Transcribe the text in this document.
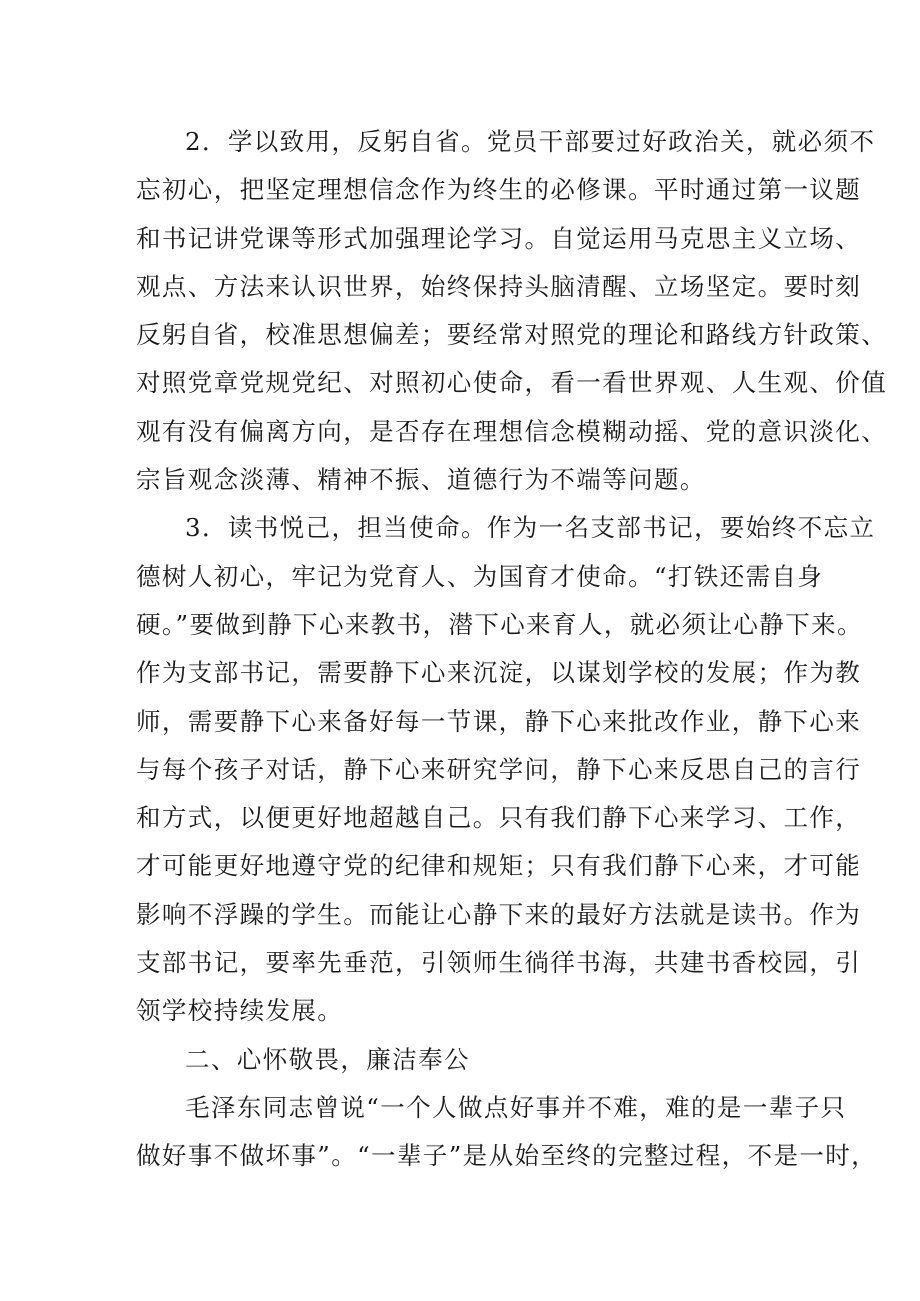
2．学以致用，反躬自省。党员干部要过好政治关，就必须不
忘初心，把坚定理想信念作为终生的必修课。平时通过第一议题
和书记讲党课等形式加强理论学习。自觉运用马克思主义立场、
观点、方法来认识世界，始终保持头脑清醒、立场坚定。要时刻
反躬自省，校准思想偏差；要经常对照党的理论和路线方针政策、
对照党章党规党纪、对照初心使命，看一看世界观、人生观、价值
观有没有偏离方向，是否存在理想信念模糊动摇、党的意识淡化、
宗旨观念淡薄、精神不振、道德行为不端等问题。
3．读书悦己，担当使命。作为一名支部书记，要始终不忘立
德树人初心，牢记为党育人、为国育才使命。“打铁还需自身
硬。”要做到静下心来教书，潜下心来育人，就必须让心静下来。
作为支部书记，需要静下心来沉淀，以谋划学校的发展；作为教
师，需要静下心来备好每一节课，静下心来批改作业，静下心来
与每个孩子对话，静下心来研究学问，静下心来反思自己的言行
和方式，以便更好地超越自己。只有我们静下心来学习、工作，
才可能更好地遵守党的纪律和规矩；只有我们静下心来，才可能
影响不浮躁的学生。而能让心静下来的最好方法就是读书。作为
支部书记，要率先垂范，引领师生徜徉书海，共建书香校园，引
领学校持续发展。
二、心怀敬畏，廉洁奉公
毛泽东同志曾说“一个人做点好事并不难，难的是一辈子只
做好事不做坏事”。“一辈子”是从始至终的完整过程，不是一时，
